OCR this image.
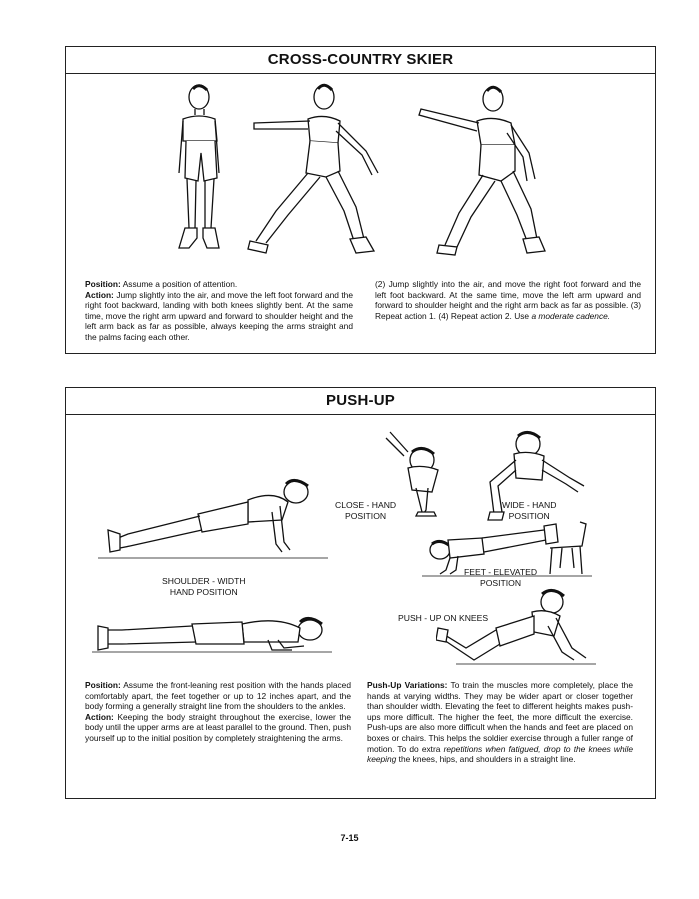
CROSS-COUNTRY SKIER
Position: Assume a position of attention.
Action: Jump slightly into the air, and move the left foot forward and the right foot backward, landing with both knees slightly bent. At the same time, move the right arm upward and forward to shoulder height and the left arm back as far as possible, always keeping the arms straight and the palms facing each other.
(2) Jump slightly into the air, and move the right foot forward and the left foot backward. At the same time, move the left arm upward and forward to shoulder height and the right arm back as far as possible. (3) Repeat action 1. (4) Repeat action 2. Use a moderate cadence.
PUSH-UP
SHOULDER - WIDTH
HAND POSITION
CLOSE - HAND
POSITION
WIDE - HAND
POSITION
FEET - ELEVATED
POSITION
PUSH - UP ON KNEES
Position: Assume the front-leaning rest position with the hands placed comfortably apart, the feet together or up to 12 inches apart, and the body forming a generally straight line from the shoulders to the ankles.
Action: Keeping the body straight throughout the exercise, lower the body until the upper arms are at least parallel to the ground. Then, push yourself up to the initial position by completely straightening the arms.
Push-Up Variations: To train the muscles more completely, place the hands at varying widths. They may be wider apart or closer together than shoulder width. Elevating the feet to different heights makes push-ups more difficult. The higher the feet, the more difficult the exercise. Push-ups are also more difficult when the hands and feet are placed on boxes or chairs. This helps the soldier exercise through a fuller range of motion. To do extra repetitions when fatigued, drop to the knees while keeping the knees, hips, and shoulders in a straight line.
7-15
